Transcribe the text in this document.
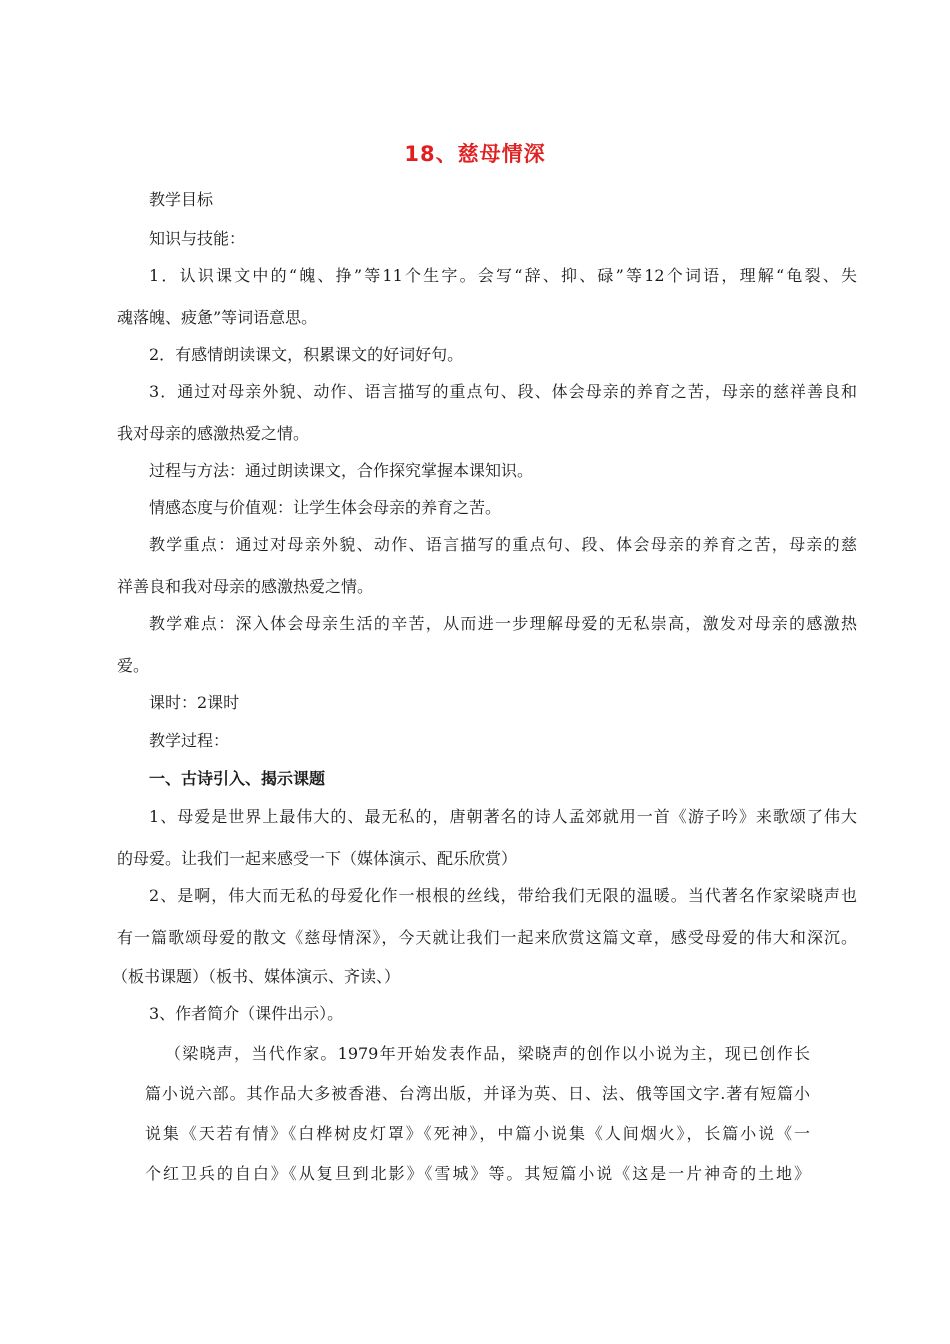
18、慈母情深
教学目标
知识与技能：
1．认识课文中的“魄、挣”等11个生字。会写“辞、抑、碌”等12个词语，理解“龟裂、失
魂落魄、疲惫”等词语意思。
2．有感情朗读课文，积累课文的好词好句。
3．通过对母亲外貌、动作、语言描写的重点句、段、体会母亲的养育之苦，母亲的慈祥善良和
我对母亲的感激热爱之情。
过程与方法：通过朗读课文，合作探究掌握本课知识。
情感态度与价值观：让学生体会母亲的养育之苦。
教学重点：通过对母亲外貌、动作、语言描写的重点句、段、体会母亲的养育之苦，母亲的慈
祥善良和我对母亲的感激热爱之情。
教学难点：深入体会母亲生活的辛苦，从而进一步理解母爱的无私崇高，激发对母亲的感激热
爱。
课时：2课时
教学过程：
一、古诗引入、揭示课题
1、母爱是世界上最伟大的、最无私的，唐朝著名的诗人孟郊就用一首《游子吟》来歌颂了伟大
的母爱。让我们一起来感受一下（媒体演示、配乐欣赏）
2、是啊，伟大而无私的母爱化作一根根的丝线，带给我们无限的温暖。当代著名作家梁晓声也
有一篇歌颂母爱的散文《慈母情深》，今天就让我们一起来欣赏这篇文章，感受母爱的伟大和深沉。
（板书课题）（板书、媒体演示、齐读、）
3、作者简介（课件出示）。
（梁晓声，当代作家。1979年开始发表作品，梁晓声的创作以小说为主，现已创作长
篇小说六部。其作品大多被香港、台湾出版，并译为英、日、法、俄等国文字.著有短篇小
说集《天若有情》《白桦树皮灯罩》《死神》，中篇小说集《人间烟火》，长篇小说《一
个红卫兵的自白》《从复旦到北影》《雪城》等。其短篇小说《这是一片神奇的土地》
